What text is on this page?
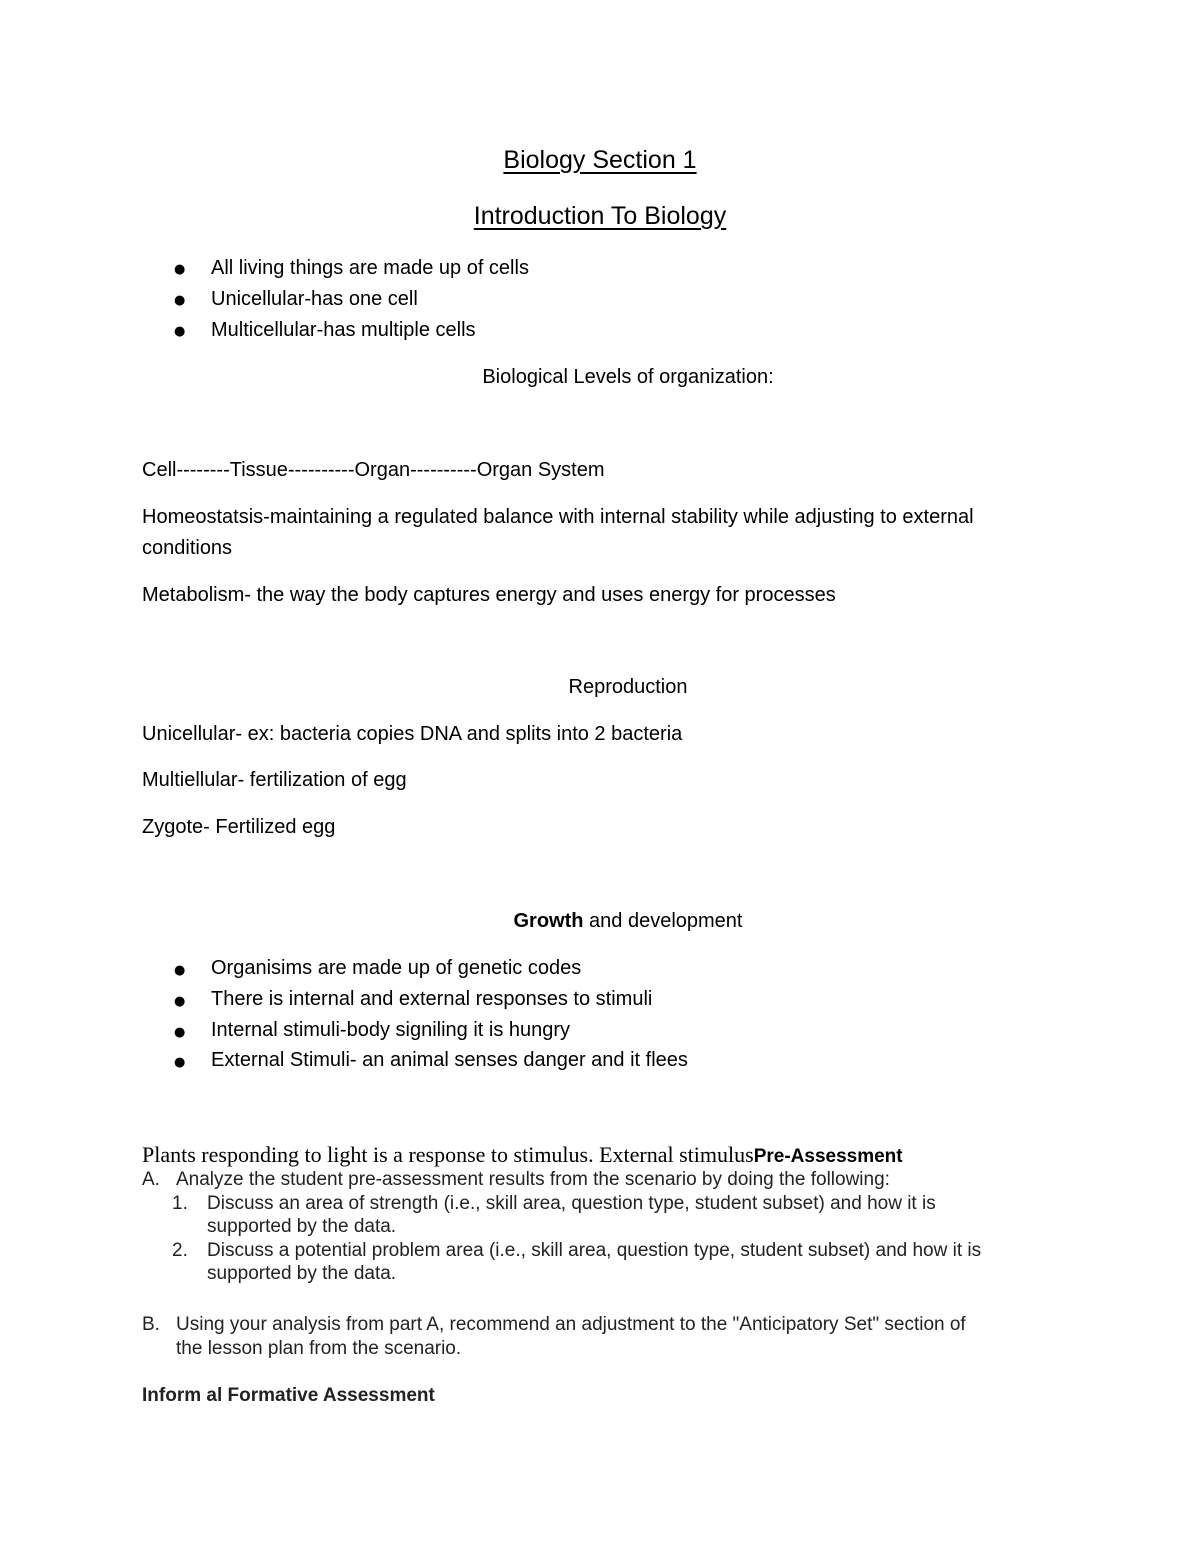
Biology Section 1
Introduction To Biology
● All living things are made up of cells
● Unicellular-has one cell
● Multicellular-has multiple cells
Biological Levels of organization:
Cell--------Tissue----------Organ----------Organ System
Homeostatsis-maintaining a regulated balance with internal stability while adjusting to external
conditions
Metabolism- the way the body captures energy and uses energy for processes
Reproduction
Unicellular- ex: bacteria copies DNA and splits into 2 bacteria
Multiellular- fertilization of egg
Zygote- Fertilized egg
Growth and development
● Organisims are made up of genetic codes
● There is internal and external responses to stimuli
● Internal stimuli-body signiling it is hungry
● External Stimuli- an animal senses danger and it flees
Plants responding to light is a response to stimulus. External stimulusPre-Assessment
A. Analyze the student pre-assessment results from the scenario by doing the following:
1. Discuss an area of strength (i.e., skill area, question type, student subset) and how it is
supported by the data.
2. Discuss a potential problem area (i.e., skill area, question type, student subset) and how it is
supported by the data.
B. Using your analysis from part A, recommend an adjustment to the "Anticipatory Set" section of
the lesson plan from the scenario.
Inform al Formative Assessment
